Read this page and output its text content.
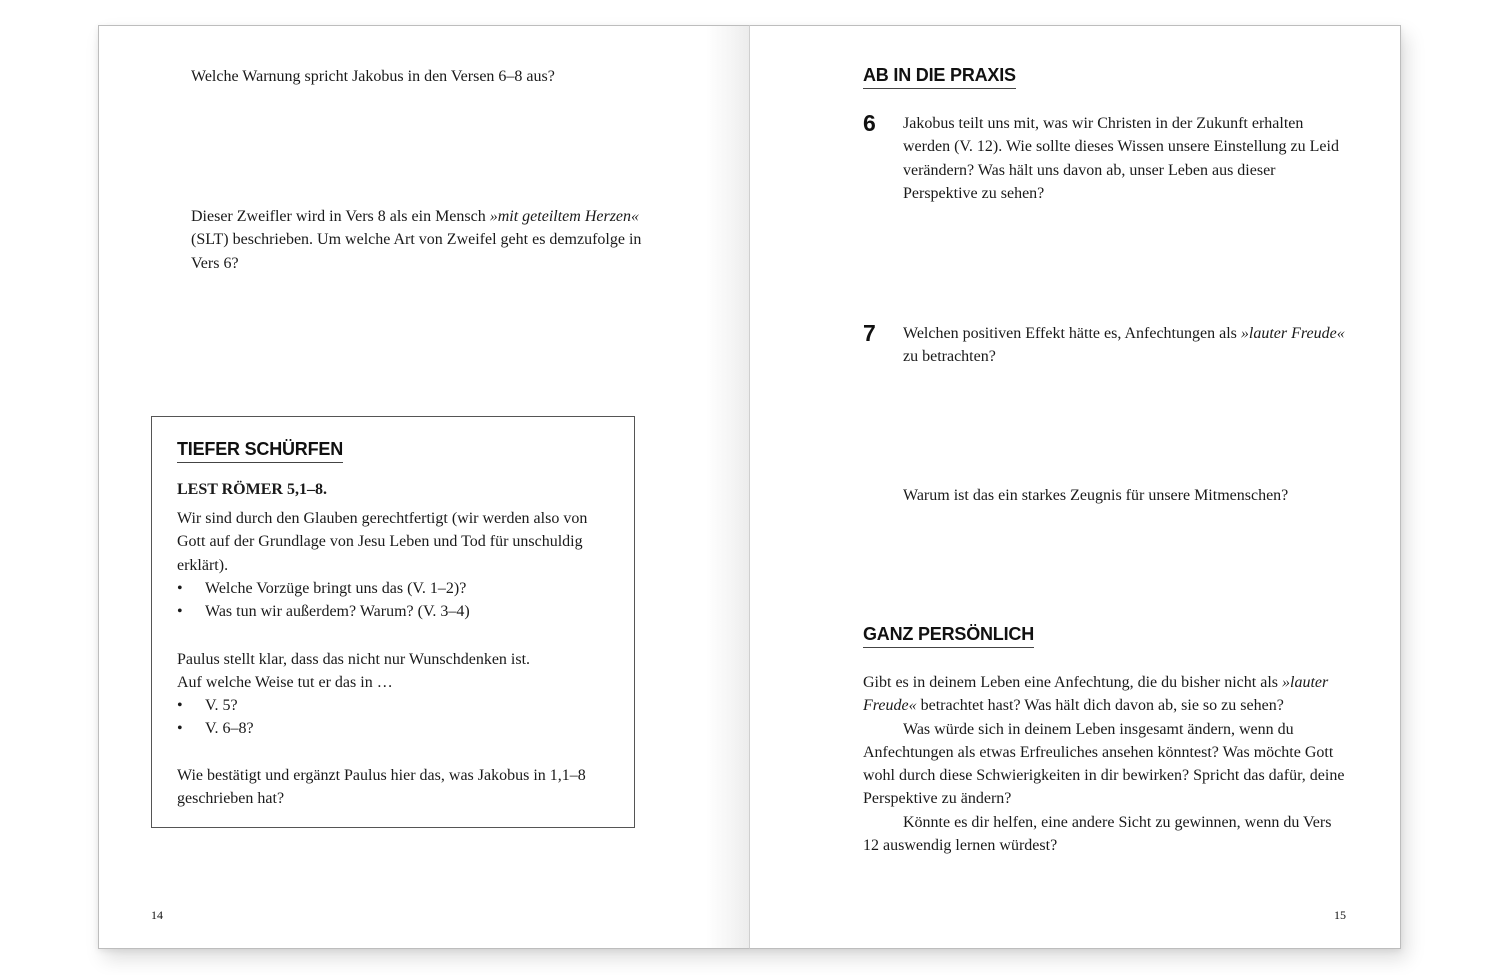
Welche Warnung spricht Jakobus in den Versen 6–8 aus?

Dieser Zweifler wird in Vers 8 als ein Mensch »mit geteiltem Herzen« (SLT) beschrieben. Um welche Art von Zweifel geht es demzufolge in Vers 6?

TIEFER SCHÜRFEN

LEST RÖMER 5,1–8.

Wir sind durch den Glauben gerechtfertigt (wir werden also von Gott auf der Grundlage von Jesu Leben und Tod für unschuldig erklärt).

• Welche Vorzüge bringt uns das (V. 1–2)?
• Was tun wir außerdem? Warum? (V. 3–4)

Paulus stellt klar, dass das nicht nur Wunschdenken ist.

Auf welche Weise tut er das in …

• V. 5?
• V. 6–8?

Wie bestätigt und ergänzt Paulus hier das, was Jakobus in 1,1–8 geschrieben hat?

14
AB IN DIE PRAXIS
6 Jakobus teilt uns mit, was wir Christen in der Zukunft erhalten werden (V. 12). Wie sollte dieses Wissen unsere Einstellung zu Leid verändern? Was hält uns davon ab, unser Leben aus dieser Perspektive zu sehen?

7 Welchen positiven Effekt hätte es, Anfechtungen als »lauter Freude« zu betrachten?

Warum ist das ein starkes Zeugnis für unsere Mitmenschen?

GANZ PERSÖNLICH
Gibt es in deinem Leben eine Anfechtung, die du bisher nicht als »lauter Freude« betrachtet hast? Was hält dich davon ab, sie so zu sehen?
Was würde sich in deinem Leben insgesamt ändern, wenn du Anfechtungen als etwas Erfreuliches ansehen könntest? Was möchte Gott wohl durch diese Schwierigkeiten in dir bewirken? Spricht das dafür, deine Perspektive zu ändern?
Könnte es dir helfen, eine andere Sicht zu gewinnen, wenn du Vers 12 auswendig lernen würdest?
15
